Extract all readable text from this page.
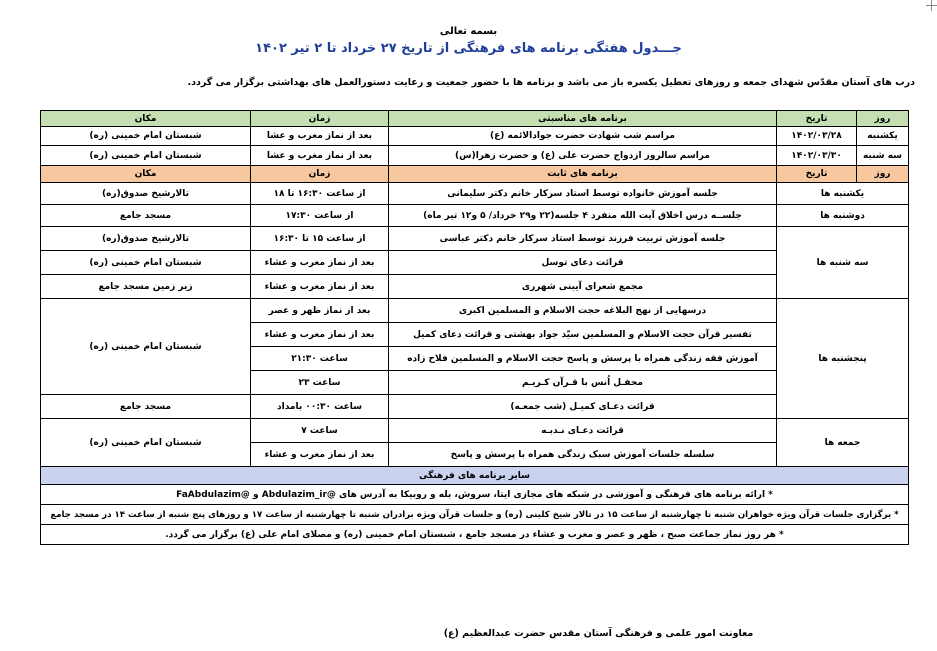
بسمه تعالی
جـــدول هفتگی برنامه های فرهنگی از تاریخ ۲۷ خرداد تا ۲ تیر ۱۴۰۲
درب های آستان مقدّس شهدای جمعه و روزهای تعطیل یکسره باز می باشد و برنامه ها با حضور جمعیت و رعایت دستورالعمل های بهداشتی برگزار می گردد.
روز	تاریخ	برنامه های مناسبتی	زمان	مکان
یکشنبه	۱۴۰۲/۰۳/۲۸	مراسم شب شهادت حضرت جوادالائمه (ع)	بعد از نماز مغرب و عشا	شبستان امام خمینی (ره)
سه شنبه	۱۴۰۲/۰۳/۳۰	مراسم سالروز ازدواج حضرت علی (ع) و حضرت زهرا(س)	بعد از نماز مغرب و عشا	شبستان امام خمینی (ره)
روز	تاریخ	برنامه های ثابت	زمان	مکان
یکشنبه ها		جلسه آموزش خانواده توسط استاد سرکار خانم دکتر سلیمانی	از ساعت ۱۶:۳۰ تا ۱۸	تالارشیخ صدوق(ره)
دوشنبه ها		جلســه درس اخلاق آیت الله منفرد ۴ جلسه(۲۲ و۲۹ خرداد/ ۵ و۱۲ تیر ماه)	از ساعت ۱۷:۳۰	مسجد جامع
سه شنبه ها		جلسه آموزش تربیت فرزند توسط استاد سرکار خانم دکتر عباسی	از ساعت ۱۵ تا ۱۶:۳۰	تالارشیخ صدوق(ره)
		قرائت دعای توسل	بعد از نماز مغرب و عشاء	شبستان امام خمینی (ره)
		مجمع شعرای آیینی شهرری	بعد از نماز مغرب و عشاء	زیر زمین مسجد جامع
پنجشنبه ها		درسهایی از نهج البلاغه حجت الاسلام و المسلمین اکبری	بعد از نماز ظهر و عصر	شبستان امام خمینی (ره)
		تفسیر قرآن حجت الاسلام و المسلمین سیّد جواد بهشتی و قرائت دعای کمیل	بعد از نماز مغرب و عشاء	
		آموزش فقه زندگی همراه با پرسش و پاسخ حجت الاسلام و المسلمین فلاح زاده	ساعت ۲۱:۳۰	
		محفـل اُنس با قـرآن کـریـم	ساعت ۲۳	
		قرائت دعـای کمیـل (شب جمعـه)	ساعت ۰۰:۳۰ بامداد	مسجد جامع
جمعه ها		قرائت دعـای نـدبـه	ساعت ۷	شبستان امام خمینی (ره)
		سلسله جلسات آموزش سبک زندگی همراه با پرسش و پاسخ	بعد از نماز مغرب و عشاء	
سایر برنامه های فرهنگی				
* ارائه برنامه های فرهنگی و آموزشی در شبکه های مجازی ایتا، سروش، بله و روبیکا به آدرس های @Abdulazim_ir و @FaAbdulazim				
* برگزاری جلسات قرآن ویژه خواهران شنبه تا چهارشنبه از ساعت ۱۵ در تالار شیخ کلینی (ره) و جلسات قرآن ویژه برادران شنبه تا چهارشنبه از ساعت ۱۷ و روزهای پنج شنبه از ساعت ۱۴ در مسجد جامع				
* هر روز نماز جماعت صبح ، ظهر و عصر و مغرب و عشاء در مسجد جامع ، شبستان امام خمینی (ره) و مصلای امام علی (ع) برگزار می گردد.				
معاونت امور علمی و فرهنگی آستان مقدس حضرت عبدالعظیم (ع)
